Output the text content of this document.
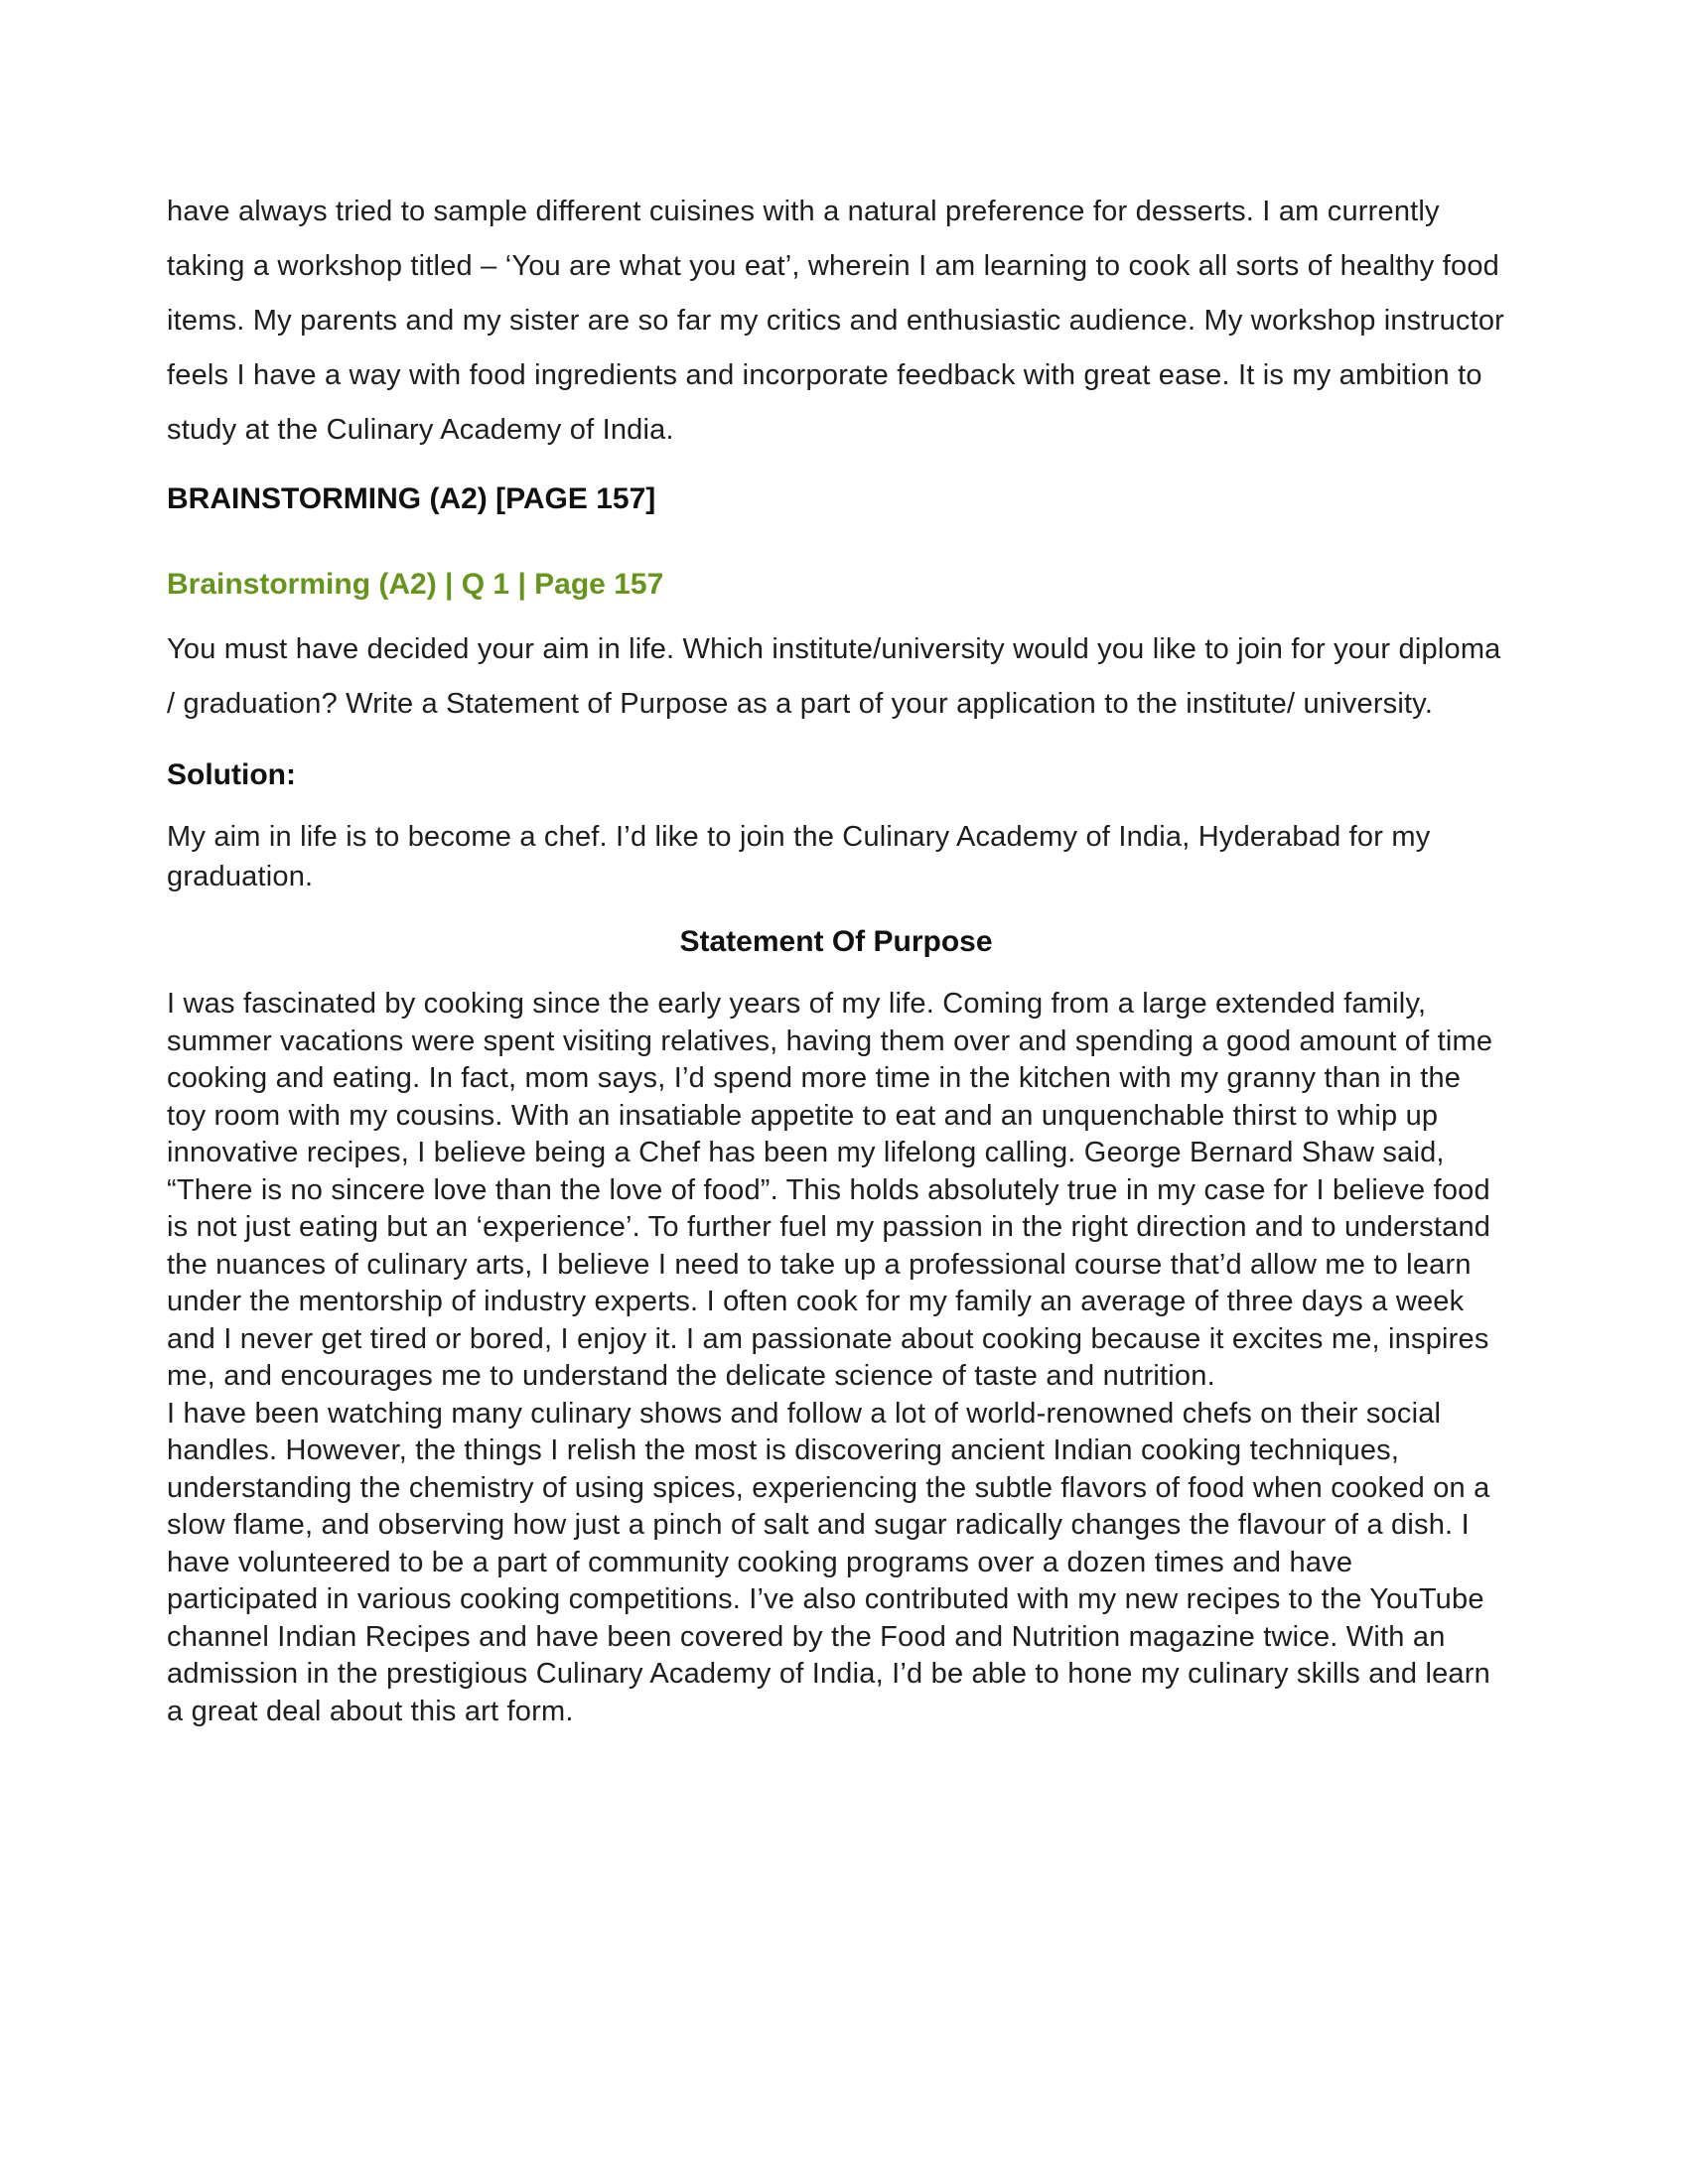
have always tried to sample different cuisines with a natural preference for desserts. I am currently taking a workshop titled – ‘You are what you eat’, wherein I am learning to cook all sorts of healthy food items. My parents and my sister are so far my critics and enthusiastic audience. My workshop instructor feels I have a way with food ingredients and incorporate feedback with great ease. It is my ambition to study at the Culinary Academy of India.

BRAINSTORMING (A2) [PAGE 157]
Brainstorming (A2) | Q 1 | Page 157

You must have decided your aim in life. Which institute/university would you like to join for your diploma / graduation? Write a Statement of Purpose as a part of your application to the institute/ university.

Solution:

My aim in life is to become a chef. I’d like to join the Culinary Academy of India, Hyderabad for my graduation.

Statement Of Purpose

I was fascinated by cooking since the early years of my life. Coming from a large extended family, summer vacations were spent visiting relatives, having them over and spending a good amount of time cooking and eating. In fact, mom says, I’d spend more time in the kitchen with my granny than in the toy room with my cousins. With an insatiable appetite to eat and an unquenchable thirst to whip up innovative recipes, I believe being a Chef has been my lifelong calling. George Bernard Shaw said, “There is no sincere love than the love of food”. This holds absolutely true in my case for I believe food is not just eating but an ‘experience’. To further fuel my passion in the right direction and to understand the nuances of culinary arts, I believe I need to take up a professional course that’d allow me to learn under the mentorship of industry experts. I often cook for my family an average of three days a week and I never get tired or bored, I enjoy it. I am passionate about cooking because it excites me, inspires me, and encourages me to understand the delicate science of taste and nutrition.

I have been watching many culinary shows and follow a lot of world-renowned chefs on their social handles. However, the things I relish the most is discovering ancient Indian cooking techniques, understanding the chemistry of using spices, experiencing the subtle flavors of food when cooked on a slow flame, and observing how just a pinch of salt and sugar radically changes the flavour of a dish. I have volunteered to be a part of community cooking programs over a dozen times and have participated in various cooking competitions. I’ve also contributed with my new recipes to the YouTube channel Indian Recipes and have been covered by the Food and Nutrition magazine twice. With an admission in the prestigious Culinary Academy of India, I’d be able to hone my culinary skills and learn a great deal about this art form.
